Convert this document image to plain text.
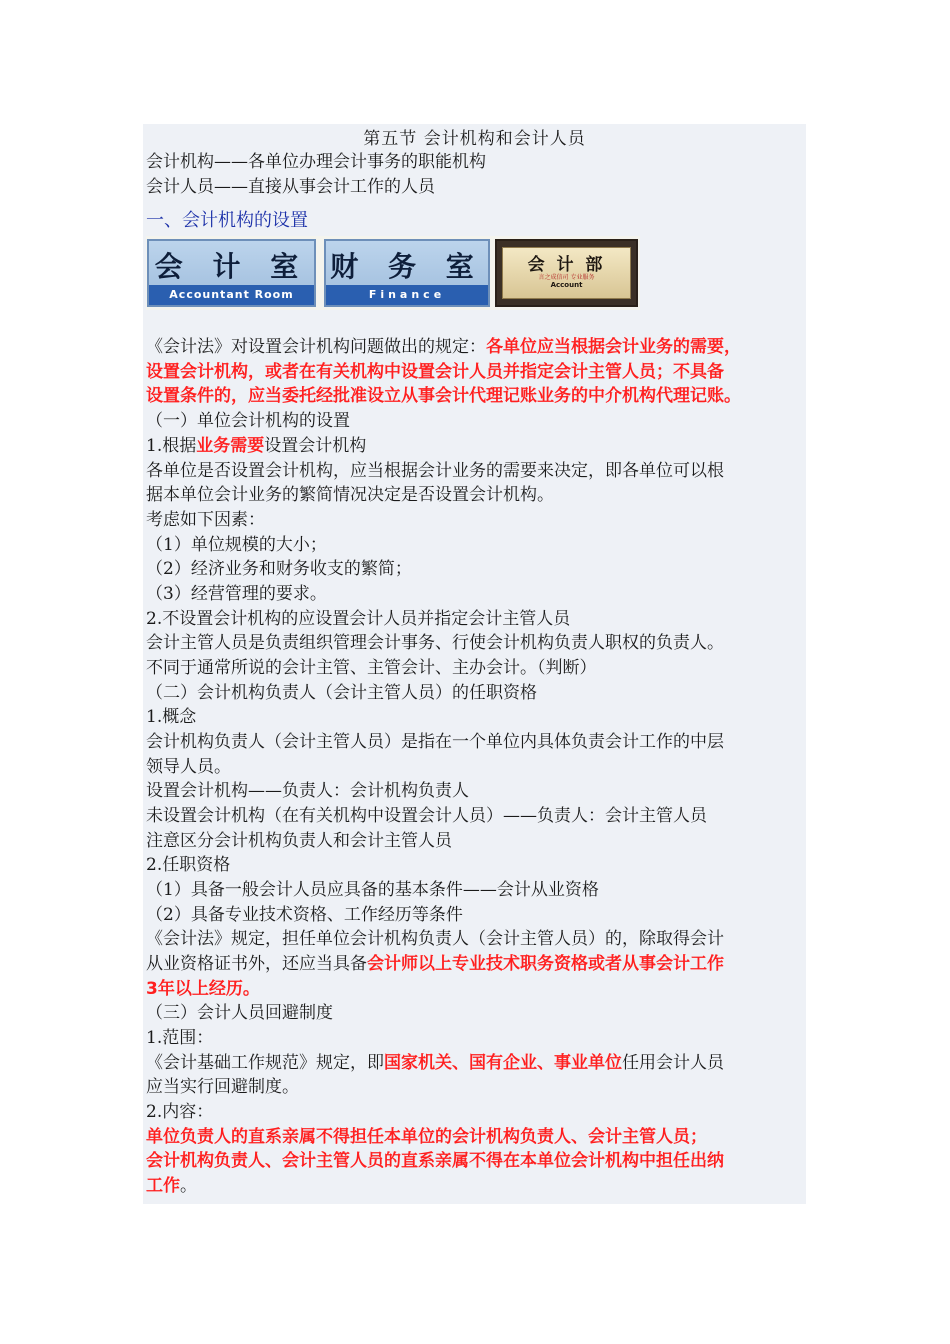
第五节 会计机构和会计人员
会计机构——各单位办理会计事务的职能机构
会计人员——直接从事会计工作的人员
一、会计机构的设置
会 计 室
Accountant Room
财 务 室
Finance
会 计 部
言之成信司 专业服务
Account
《会计法》对设置会计机构问题做出的规定：各单位应当根据会计业务的需要，
设置会计机构，或者在有关机构中设置会计人员并指定会计主管人员；不具备
设置条件的，应当委托经批准设立从事会计代理记账业务的中介机构代理记账。
（一）单位会计机构的设置
1.根据业务需要设置会计机构
各单位是否设置会计机构，应当根据会计业务的需要来决定，即各单位可以根
据本单位会计业务的繁简情况决定是否设置会计机构。
考虑如下因素：
（1）单位规模的大小；
（2）经济业务和财务收支的繁简；
（3）经营管理的要求。
2.不设置会计机构的应设置会计人员并指定会计主管人员
会计主管人员是负责组织管理会计事务、行使会计机构负责人职权的负责人。
不同于通常所说的会计主管、主管会计、主办会计。（判断）
（二）会计机构负责人（会计主管人员）的任职资格
1.概念
会计机构负责人（会计主管人员）是指在一个单位内具体负责会计工作的中层
领导人员。
设置会计机构——负责人：会计机构负责人
未设置会计机构（在有关机构中设置会计人员）——负责人：会计主管人员
注意区分会计机构负责人和会计主管人员
2.任职资格
（1）具备一般会计人员应具备的基本条件——会计从业资格
（2）具备专业技术资格、工作经历等条件
《会计法》规定，担任单位会计机构负责人（会计主管人员）的，除取得会计
从业资格证书外，还应当具备会计师以上专业技术职务资格或者从事会计工作
3年以上经历。
（三）会计人员回避制度
1.范围：
《会计基础工作规范》规定，即国家机关、国有企业、事业单位任用会计人员
应当实行回避制度。
2.内容：
单位负责人的直系亲属不得担任本单位的会计机构负责人、会计主管人员；
会计机构负责人、会计主管人员的直系亲属不得在本单位会计机构中担任出纳
工作。
